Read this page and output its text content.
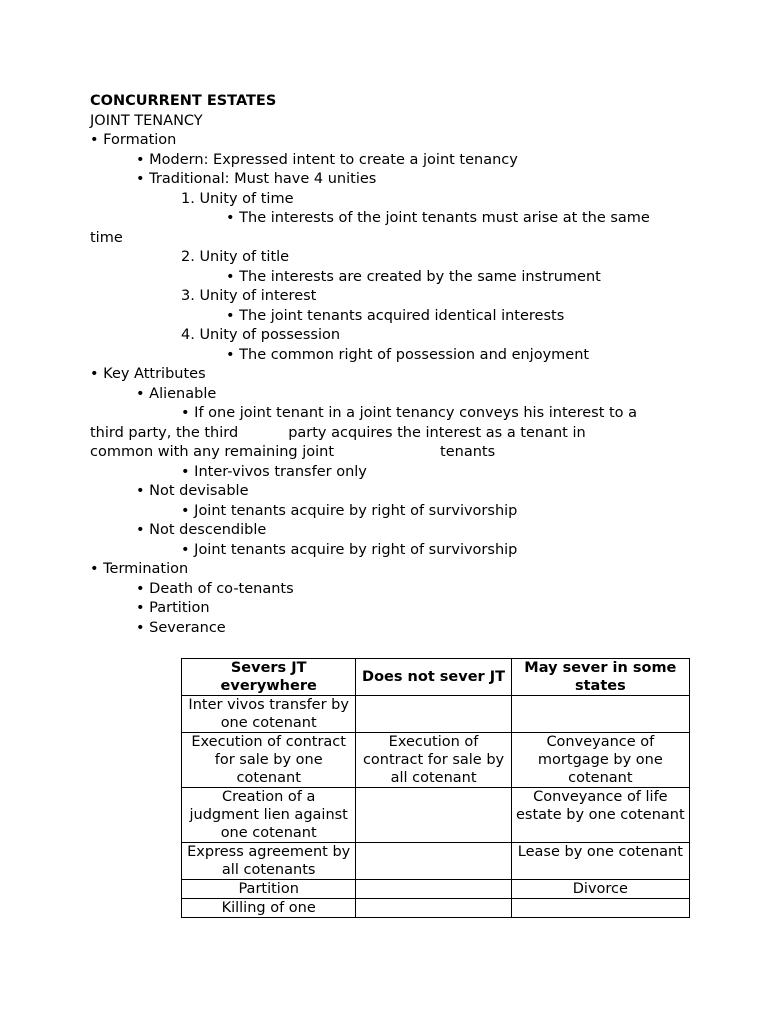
CONCURRENT ESTATES
JOINT TENANCY
• Formation
• Modern: Expressed intent to create a joint tenancy
• Traditional: Must have 4 unities
1. Unity of time
• The interests of the joint tenants must arise at the same
time
2. Unity of title
• The interests are created by the same instrument
3. Unity of interest
• The joint tenants acquired identical interests
4. Unity of possession
• The common right of possession and enjoyment
• Key Attributes
• Alienable
• If one joint tenant in a joint tenancy conveys his interest to a
third party, the third	party acquires the interest as a tenant in
common with any remaining joint	tenants
• Inter-vivos transfer only
• Not devisable
• Joint tenants acquire by right of survivorship
• Not descendible
• Joint tenants acquire by right of survivorship
• Termination
• Death of co-tenants
• Partition
• Severance
Severs JT everywhere	Does not sever JT	May sever in some states
Inter vivos transfer by one cotenant		
Execution of contract for sale by one cotenant	Execution of contract for sale by all cotenant	Conveyance of mortgage by one cotenant
Creation of a judgment lien against one cotenant		Conveyance of life estate by one cotenant
Express agreement by all cotenants		Lease by one cotenant
Partition		Divorce
Killing of one		
